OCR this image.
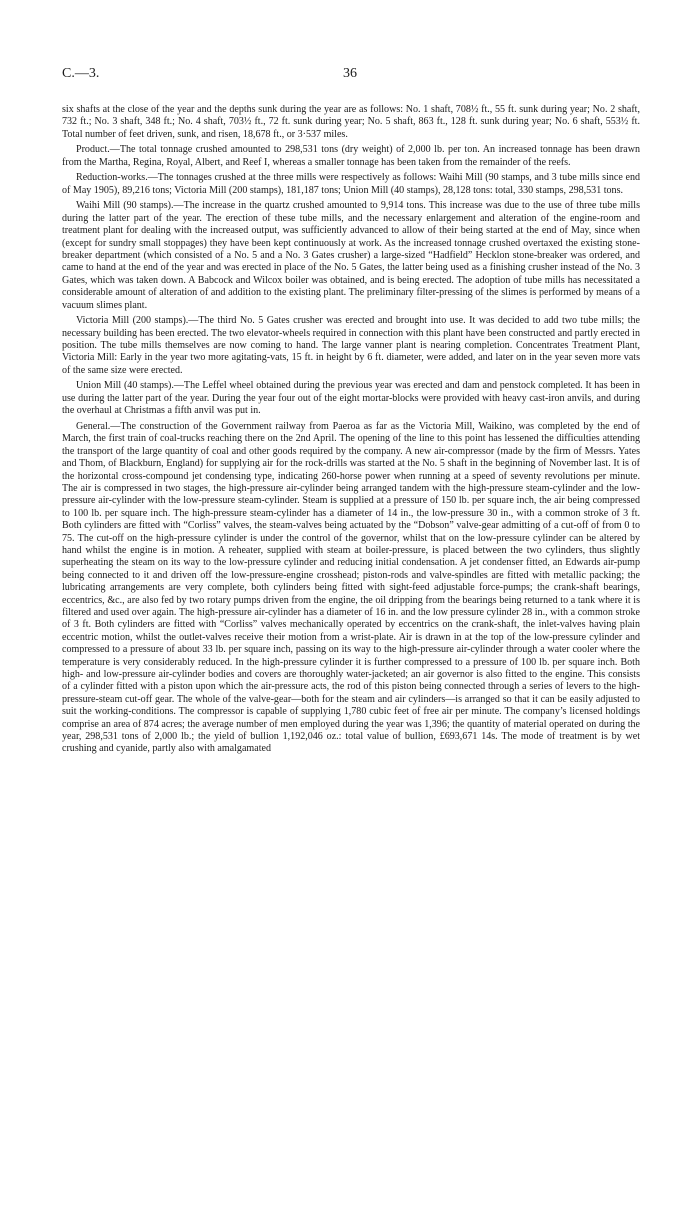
C.—3.	36

six shafts at the close of the year and the depths sunk during the year are as follows: No. 1 shaft, 708½ ft., 55 ft. sunk during year; No. 2 shaft, 732 ft.; No. 3 shaft, 348 ft.; No. 4 shaft, 703½ ft., 72 ft. sunk during year; No. 5 shaft, 863 ft., 128 ft. sunk during year; No. 6 shaft, 553½ ft. Total number of feet driven, sunk, and risen, 18,678 ft., or 3·537 miles.

Product.—The total tonnage crushed amounted to 298,531 tons (dry weight) of 2,000 lb. per ton. An increased tonnage has been drawn from the Martha, Regina, Royal, Albert, and Reef I, whereas a smaller tonnage has been taken from the remainder of the reefs.

Reduction-works.—The tonnages crushed at the three mills were respectively as follows: Waihi Mill (90 stamps, and 3 tube mills since end of May 1905), 89,216 tons; Victoria Mill (200 stamps), 181,187 tons; Union Mill (40 stamps), 28,128 tons: total, 330 stamps, 298,531 tons.

Waihi Mill (90 stamps).—The increase in the quartz crushed amounted to 9,914 tons. This increase was due to the use of three tube mills during the latter part of the year. The erection of these tube mills, and the necessary enlargement and alteration of the engine-room and treatment plant for dealing with the increased output, was sufficiently advanced to allow of their being started at the end of May, since when (except for sundry small stoppages) they have been kept continuously at work. As the increased tonnage crushed overtaxed the existing stone-breaker department (which consisted of a No. 5 and a No. 3 Gates crusher) a large-sized “Hadfield” Hecklon stone-breaker was ordered, and came to hand at the end of the year and was erected in place of the No. 5 Gates, the latter being used as a finishing crusher instead of the No. 3 Gates, which was taken down. A Babcock and Wilcox boiler was obtained, and is being erected. The adoption of tube mills has necessitated a considerable amount of alteration of and addition to the existing plant. The preliminary filter-pressing of the slimes is performed by means of a vacuum slimes plant.

Victoria Mill (200 stamps).—The third No. 5 Gates crusher was erected and brought into use. It was decided to add two tube mills; the necessary building has been erected. The two elevator-wheels required in connection with this plant have been constructed and partly erected in position. The tube mills themselves are now coming to hand. The large vanner plant is nearing completion. Concentrates Treatment Plant, Victoria Mill: Early in the year two more agitating-vats, 15 ft. in height by 6 ft. diameter, were added, and later on in the year seven more vats of the same size were erected.

Union Mill (40 stamps).—The Leffel wheel obtained during the previous year was erected and dam and penstock completed. It has been in use during the latter part of the year. During the year four out of the eight mortar-blocks were provided with heavy cast-iron anvils, and during the overhaul at Christmas a fifth anvil was put in.

General.—The construction of the Government railway from Paeroa as far as the Victoria Mill, Waikino, was completed by the end of March, the first train of coal-trucks reaching there on the 2nd April. The opening of the line to this point has lessened the difficulties attending the transport of the large quantity of coal and other goods required by the company. A new air-compressor (made by the firm of Messrs. Yates and Thom, of Blackburn, England) for supplying air for the rock-drills was started at the No. 5 shaft in the beginning of November last. It is of the horizontal cross-compound jet condensing type, indicating 260-horse power when running at a speed of seventy revolutions per minute. The air is compressed in two stages, the high-pressure air-cylinder being arranged tandem with the high-pressure steam-cylinder and the low-pressure air-cylinder with the low-pressure steam-cylinder. Steam is supplied at a pressure of 150 lb. per square inch, the air being compressed to 100 lb. per square inch. The high-pressure steam-cylinder has a diameter of 14 in., the low-pressure 30 in., with a common stroke of 3 ft. Both cylinders are fitted with “Corliss” valves, the steam-valves being actuated by the “Dobson” valve-gear admitting of a cut-off of from 0 to 75. The cut-off on the high-pressure cylinder is under the control of the governor, whilst that on the low-pressure cylinder can be altered by hand whilst the engine is in motion. A reheater, supplied with steam at boiler-pressure, is placed between the two cylinders, thus slightly superheating the steam on its way to the low-pressure cylinder and reducing initial condensation. A jet condenser fitted, an Edwards air-pump being connected to it and driven off the low-pressure-engine crosshead; piston-rods and valve-spindles are fitted with metallic packing; the lubricating arrangements are very complete, both cylinders being fitted with sight-feed adjustable force-pumps; the crank-shaft bearings, eccentrics, &c., are also fed by two rotary pumps driven from the engine, the oil dripping from the bearings being returned to a tank where it is filtered and used over again. The high-pressure air-cylinder has a diameter of 16 in. and the low pressure cylinder 28 in., with a common stroke of 3 ft. Both cylinders are fitted with “Corliss” valves mechanically operated by eccentrics on the crank-shaft, the inlet-valves having plain eccentric motion, whilst the outlet-valves receive their motion from a wrist-plate. Air is drawn in at the top of the low-pressure cylinder and compressed to a pressure of about 33 lb. per square inch, passing on its way to the high-pressure air-cylinder through a water cooler where the temperature is very considerably reduced. In the high-pressure cylinder it is further compressed to a pressure of 100 lb. per square inch. Both high- and low-pressure air-cylinder bodies and covers are thoroughly water-jacketed; an air governor is also fitted to the engine. This consists of a cylinder fitted with a piston upon which the air-pressure acts, the rod of this piston being connected through a series of levers to the high-pressure-steam cut-off gear. The whole of the valve-gear—both for the steam and air cylinders—is arranged so that it can be easily adjusted to suit the working-conditions. The compressor is capable of supplying 1,780 cubic feet of free air per minute. The company’s licensed holdings comprise an area of 874 acres; the average number of men employed during the year was 1,396; the quantity of material operated on during the year, 298,531 tons of 2,000 lb.; the yield of bullion 1,192,046 oz.: total value of bullion, £693,671 14s. The mode of treatment is by wet crushing and cyanide, partly also with amalgamated
